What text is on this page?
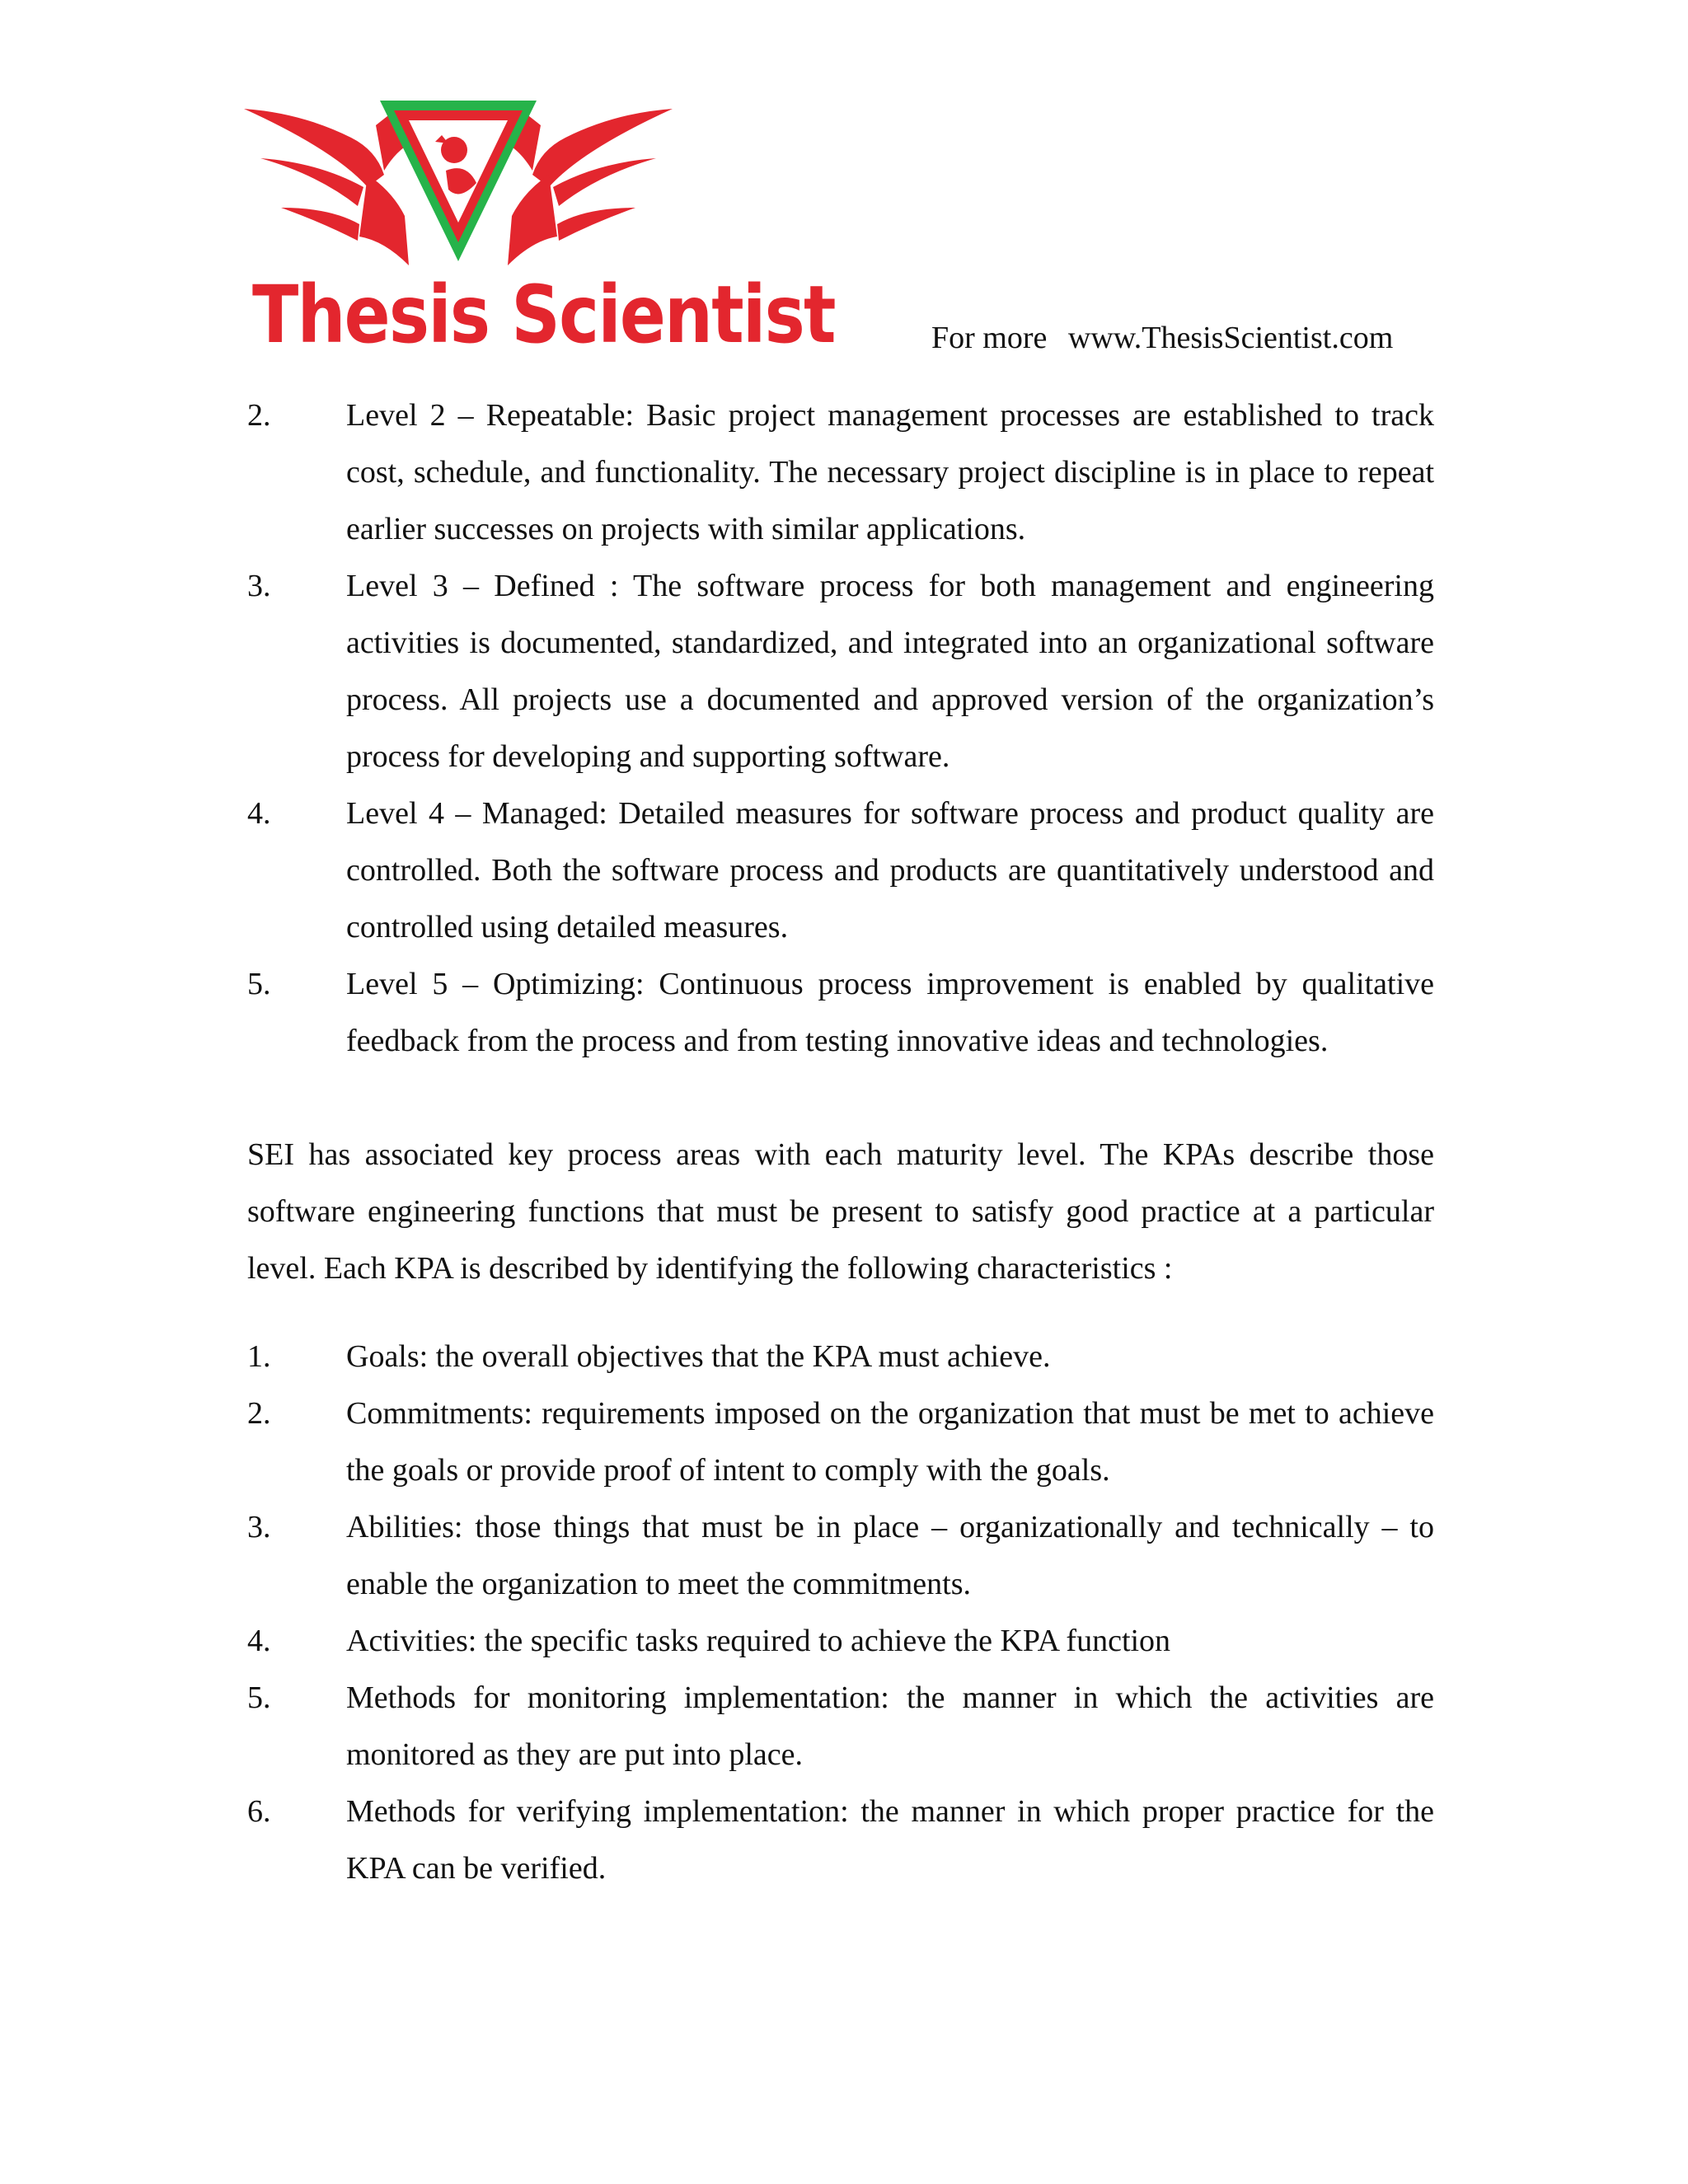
Thesis Scientist	For more www.ThesisScientist.com
2. Level 2 – Repeatable: Basic project management processes are established to track cost, schedule, and functionality. The necessary project discipline is in place to repeat earlier successes on projects with similar applications.
3. Level 3 – Defined : The software process for both management and engineering activities is documented, standardized, and integrated into an organizational software process. All projects use a documented and approved version of the organization’s process for developing and supporting software.
4. Level 4 – Managed: Detailed measures for software process and product quality are controlled. Both the software process and products are quantitatively understood and controlled using detailed measures.
5. Level 5 – Optimizing: Continuous process improvement is enabled by qualitative feedback from the process and from testing innovative ideas and technologies.

SEI has associated key process areas with each maturity level. The KPAs describe those software engineering functions that must be present to satisfy good practice at a particular level. Each KPA is described by identifying the following characteristics :

1. Goals: the overall objectives that the KPA must achieve.
2. Commitments: requirements imposed on the organization that must be met to achieve the goals or provide proof of intent to comply with the goals.
3. Abilities: those things that must be in place – organizationally and technically – to enable the organization to meet the commitments.
4. Activities: the specific tasks required to achieve the KPA function
5. Methods for monitoring implementation: the manner in which the activities are monitored as they are put into place.
6. Methods for verifying implementation: the manner in which proper practice for the KPA can be verified.
